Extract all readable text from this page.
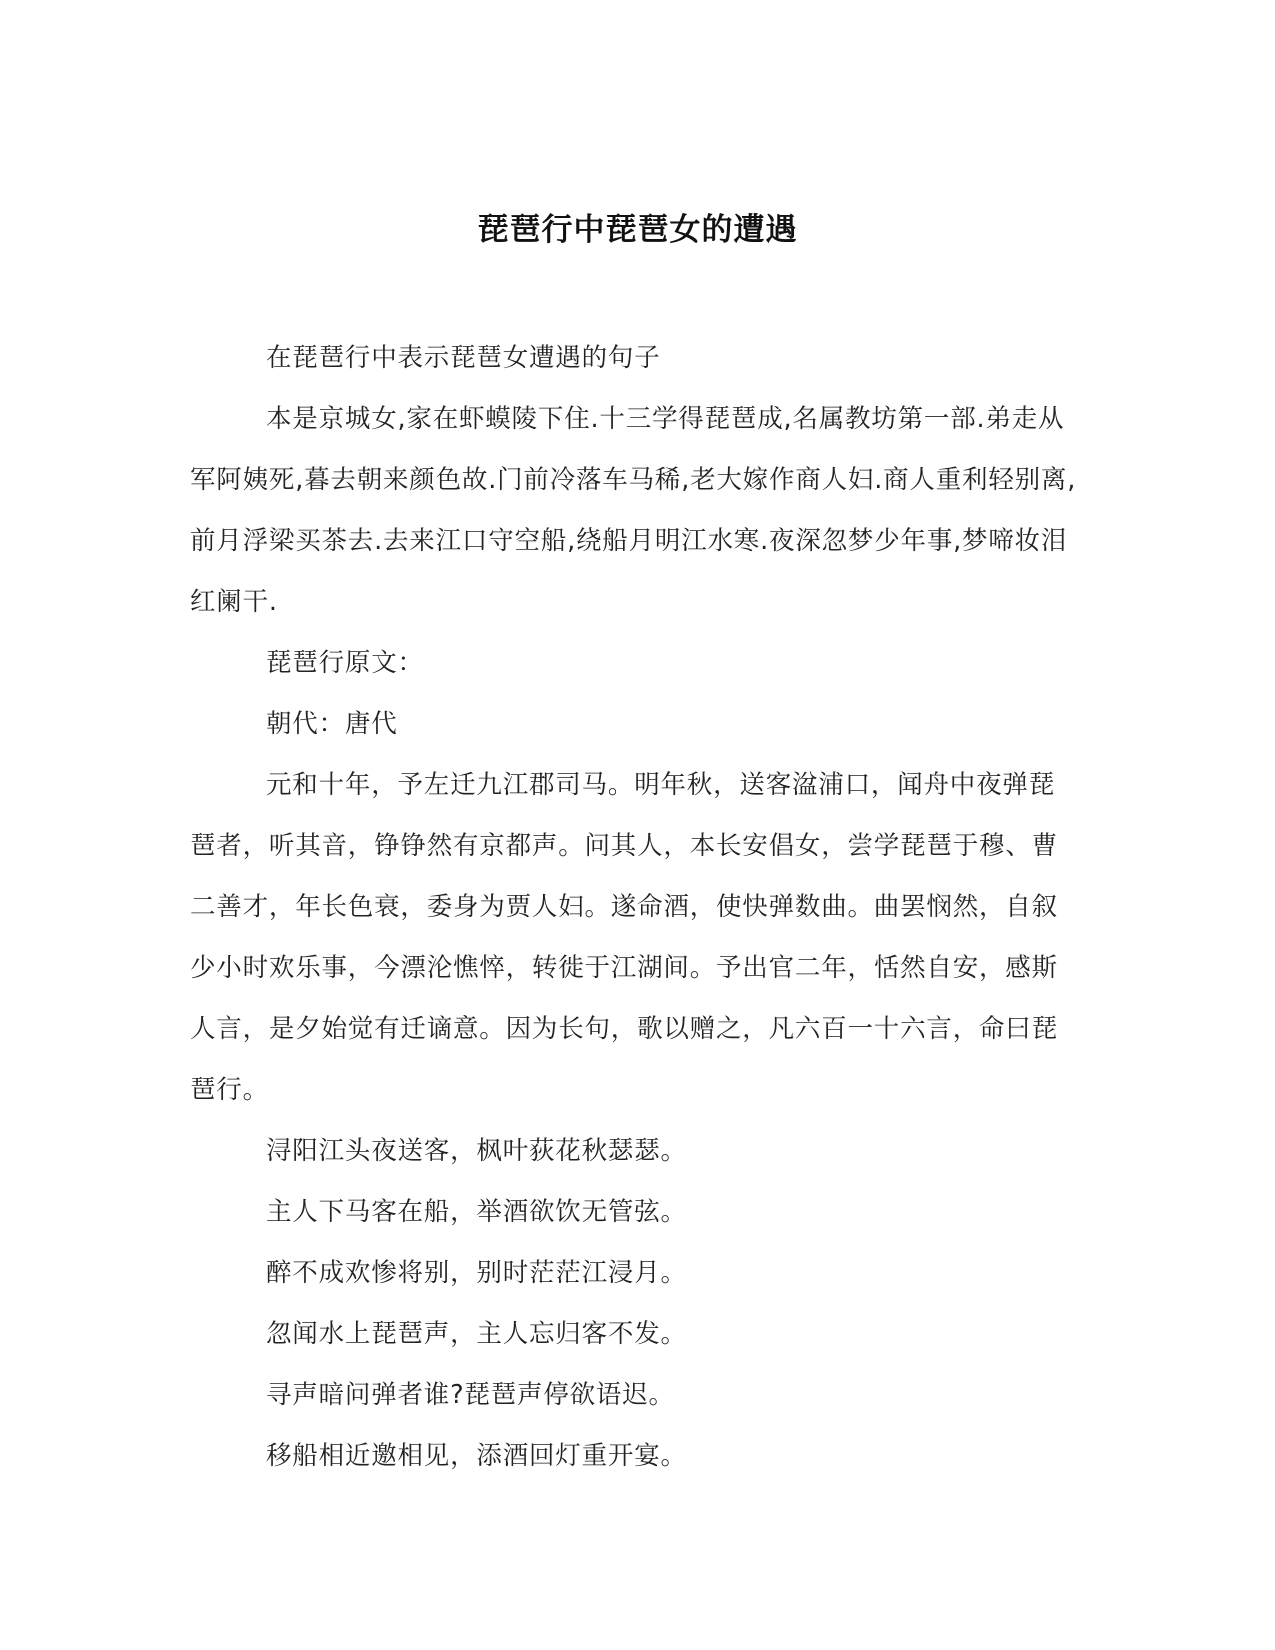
琵琶行中琵琶女的遭遇

在琵琶行中表示琵琶女遭遇的句子

本是京城女,家在虾蟆陵下住.十三学得琵琶成,名属教坊第一部.弟走从军阿姨死,暮去朝来颜色故.门前冷落车马稀,老大嫁作商人妇.商人重利轻别离,前月浮梁买茶去.去来江口守空船,绕船月明江水寒.夜深忽梦少年事,梦啼妆泪红阑干.

琵琶行原文：

朝代：唐代

元和十年，予左迁九江郡司马。明年秋，送客湓浦口，闻舟中夜弹琵琶者，听其音，铮铮然有京都声。问其人，本长安倡女，尝学琵琶于穆、曹二善才，年长色衰，委身为贾人妇。遂命酒，使快弹数曲。曲罢悯然，自叙少小时欢乐事，今漂沦憔悴，转徙于江湖间。予出官二年，恬然自安，感斯人言，是夕始觉有迁谪意。因为长句，歌以赠之，凡六百一十六言，命曰琵琶行。

浔阳江头夜送客，枫叶荻花秋瑟瑟。

主人下马客在船，举酒欲饮无管弦。

醉不成欢惨将别，别时茫茫江浸月。

忽闻水上琵琶声，主人忘归客不发。

寻声暗问弹者谁?琵琶声停欲语迟。

移船相近邀相见，添酒回灯重开宴。
